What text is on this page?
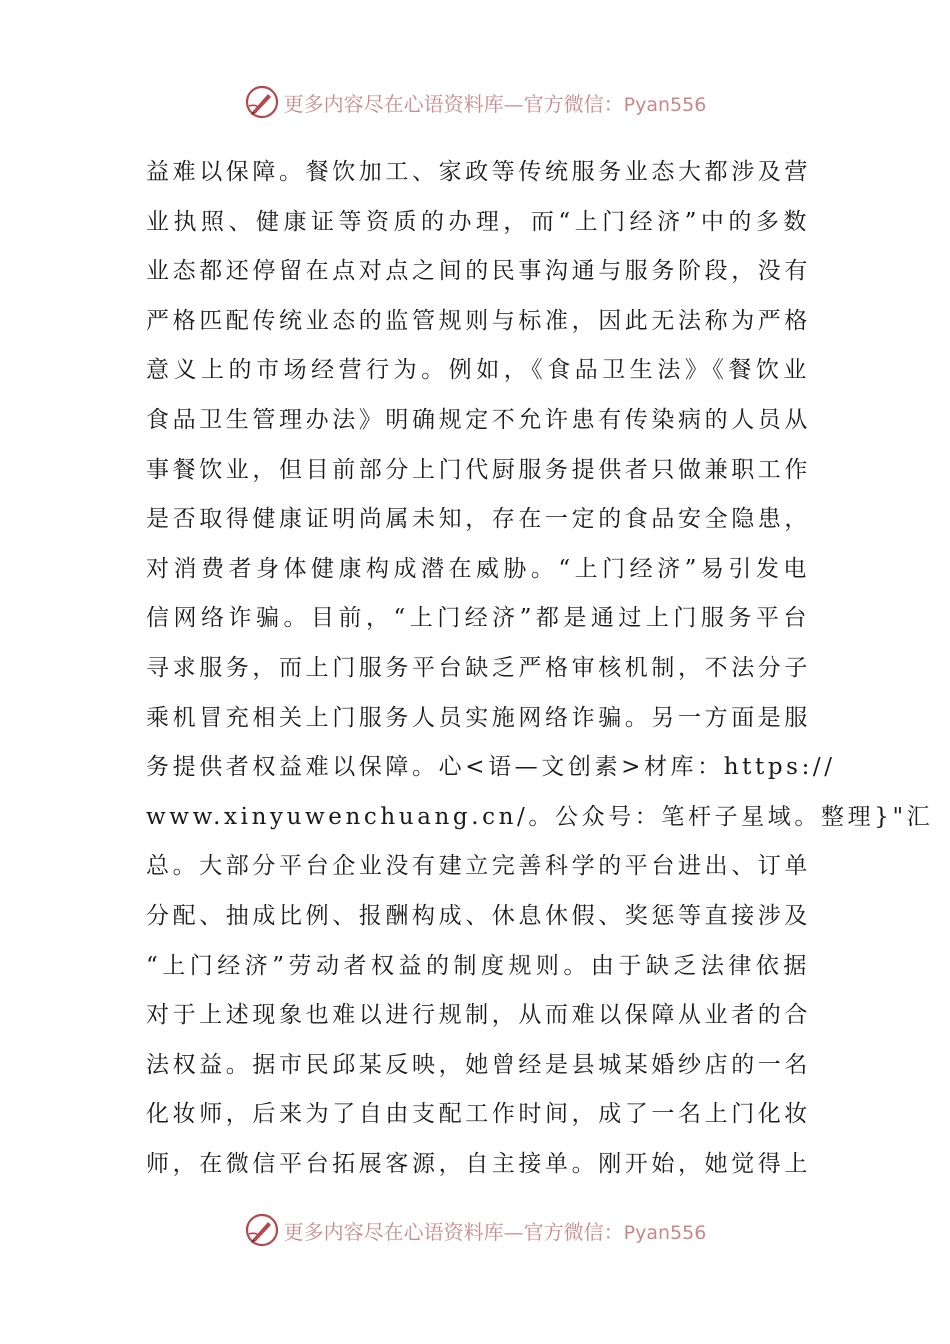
更多内容尽在心语资料库—官方微信：Pyan556
益难以保障。餐饮加工、家政等传统服务业态大都涉及营
业执照、健康证等资质的办理，而“上门经济”中的多数
业态都还停留在点对点之间的民事沟通与服务阶段，没有
严格匹配传统业态的监管规则与标准，因此无法称为严格
意义上的市场经营行为。例如，《食品卫生法》《餐饮业
食品卫生管理办法》明确规定不允许患有传染病的人员从
事餐饮业，但目前部分上门代厨服务提供者只做兼职工作
是否取得健康证明尚属未知，存在一定的食品安全隐患，
对消费者身体健康构成潜在威胁。“上门经济”易引发电
信网络诈骗。目前，“上门经济”都是通过上门服务平台
寻求服务，而上门服务平台缺乏严格审核机制，不法分子
乘机冒充相关上门服务人员实施网络诈骗。另一方面是服
务提供者权益难以保障。心<语—文创素>材库：https://
www.xinyuwenchuang.cn/。公众号：笔杆子星域。整理}"汇
总。大部分平台企业没有建立完善科学的平台进出、订单
分配、抽成比例、报酬构成、休息休假、奖惩等直接涉及
“上门经济”劳动者权益的制度规则。由于缺乏法律依据
对于上述现象也难以进行规制，从而难以保障从业者的合
法权益。据市民邱某反映，她曾经是县城某婚纱店的一名
化妆师，后来为了自由支配工作时间，成了一名上门化妆
师，在微信平台拓展客源，自主接单。刚开始，她觉得上
更多内容尽在心语资料库—官方微信：Pyan556
